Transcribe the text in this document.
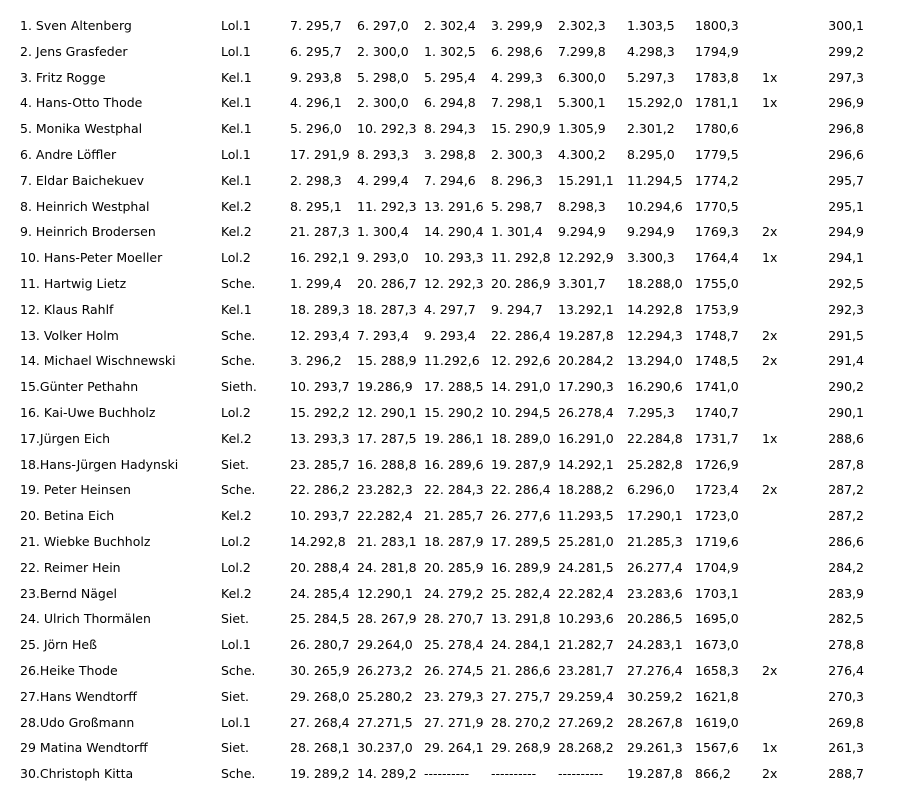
1. Sven Altenberg	Lol.1	7. 295,7 6. 297,0 2. 302,4 3. 299,9 2.302,3 1.303,5 1800,3	300,1
2. Jens Grasfeder	Lol.1	6. 295,7 2. 300,0 1. 302,5 6. 298,6 7.299,8 4.298,3 1794,9	299,2
3. Fritz Rogge	Kel.1	9. 293,8 5. 298,0 5. 295,4 4. 299,3 6.300,0 5.297,3 1783,8 1x	297,3
4. Hans-Otto Thode	Kel.1	4. 296,1 2. 300,0 6. 294,8 7. 298,1 5.300,1 15.292,0 1781,1 1x	296,9
5. Monika Westphal	Kel.1	5. 296,0 10. 292,3 8. 294,3 15. 290,9 1.305,9 2.301,2 1780,6	296,8
6. Andre Löffler	Lol.1	17. 291,9 8. 293,3 3. 298,8 2. 300,3 4.300,2 8.295,0 1779,5	296,6
7. Eldar Baichekuev	Kel.1	2. 298,3 4. 299,4 7. 294,6 8. 296,3 15.291,1 11.294,5 1774,2	295,7
8. Heinrich Westphal	Kel.2	8. 295,1 11. 292,3 13. 291,6 5. 298,7 8.298,3 10.294,6 1770,5	295,1
9. Heinrich Brodersen	Kel.2	21. 287,3 1. 300,4 14. 290,4 1. 301,4 9.294,9 9.294,9 1769,3 2x	294,9
10. Hans-Peter Moeller	Lol.2	16. 292,1 9. 293,0 10. 293,3 11. 292,8 12.292,9 3.300,3 1764,4 1x	294,1
11. Hartwig Lietz	Sche.	1. 299,4 20. 286,7 12. 292,3 20. 286,9 3.301,7 18.288,0 1755,0	292,5
12. Klaus Rahlf	Kel.1	18. 289,3 18. 287,3 4. 297,7 9. 294,7 13.292,1 14.292,8 1753,9	292,3
13. Volker Holm	Sche.	12. 293,4 7. 293,4 9. 293,4 22. 286,4 19.287,8 12.294,3 1748,7 2x	291,5
14. Michael Wischnewski	Sche.	3. 296,2 15. 288,9 11.292,6 12. 292,6 20.284,2 13.294,0 1748,5 2x	291,4
15.Günter Pethahn	Sieth.	10. 293,7 19.286,9 17. 288,5 14. 291,0 17.290,3 16.290,6 1741,0	290,2
16. Kai-Uwe Buchholz	Lol.2	15. 292,2 12. 290,1 15. 290,2 10. 294,5 26.278,4 7.295,3 1740,7	290,1
17.Jürgen Eich	Kel.2	13. 293,3 17. 287,5 19. 286,1 18. 289,0 16.291,0 22.284,8 1731,7 1x	288,6
18.Hans-Jürgen Hadynski	Siet.	23. 285,7 16. 288,8 16. 289,6 19. 287,9 14.292,1 25.282,8 1726,9	287,8
19. Peter Heinsen	Sche.	22. 286,2 23.282,3 22. 284,3 22. 286,4 18.288,2 6.296,0 1723,4 2x	287,2
20. Betina Eich	Kel.2	10. 293,7 22.282,4 21. 285,7 26. 277,6 11.293,5 17.290,1 1723,0	287,2
21. Wiebke Buchholz	Lol.2	14.292,8 21. 283,1 18. 287,9 17. 289,5 25.281,0 21.285,3 1719,6	286,6
22. Reimer Hein	Lol.2	20. 288,4 24. 281,8 20. 285,9 16. 289,9 24.281,5 26.277,4 1704,9	284,2
23.Bernd Nägel	Kel.2	24. 285,4 12.290,1 24. 279,2 25. 282,4 22.282,4 23.283,6 1703,1	283,9
24. Ulrich Thormälen	Siet.	25. 284,5 28. 267,9 28. 270,7 13. 291,8 10.293,6 20.286,5 1695,0	282,5
25. Jörn Heß	Lol.1	26. 280,7 29.264,0 25. 278,4 24. 284,1 21.282,7 24.283,1 1673,0	278,8
26.Heike Thode	Sche.	30. 265,9 26.273,2 26. 274,5 21. 286,6 23.281,7 27.276,4 1658,3 2x	276,4
27.Hans Wendtorff	Siet.	29. 268,0 25.280,2 23. 279,3 27. 275,7 29.259,4 30.259,2 1621,8	270,3
28.Udo Großmann	Lol.1	27. 268,4 27.271,5 27. 271,9 28. 270,2 27.269,2 28.267,8 1619,0	269,8
29 Matina Wendtorff	Siet.	28. 268,1 30.237,0 29. 264,1 29. 268,9 28.268,2 29.261,3 1567,6 1x	261,3
30.Christoph Kitta	Sche.	19. 289,2 14. 289,2 ---------- ---------- ---------- 19.287,8 866,2 2x	288,7
